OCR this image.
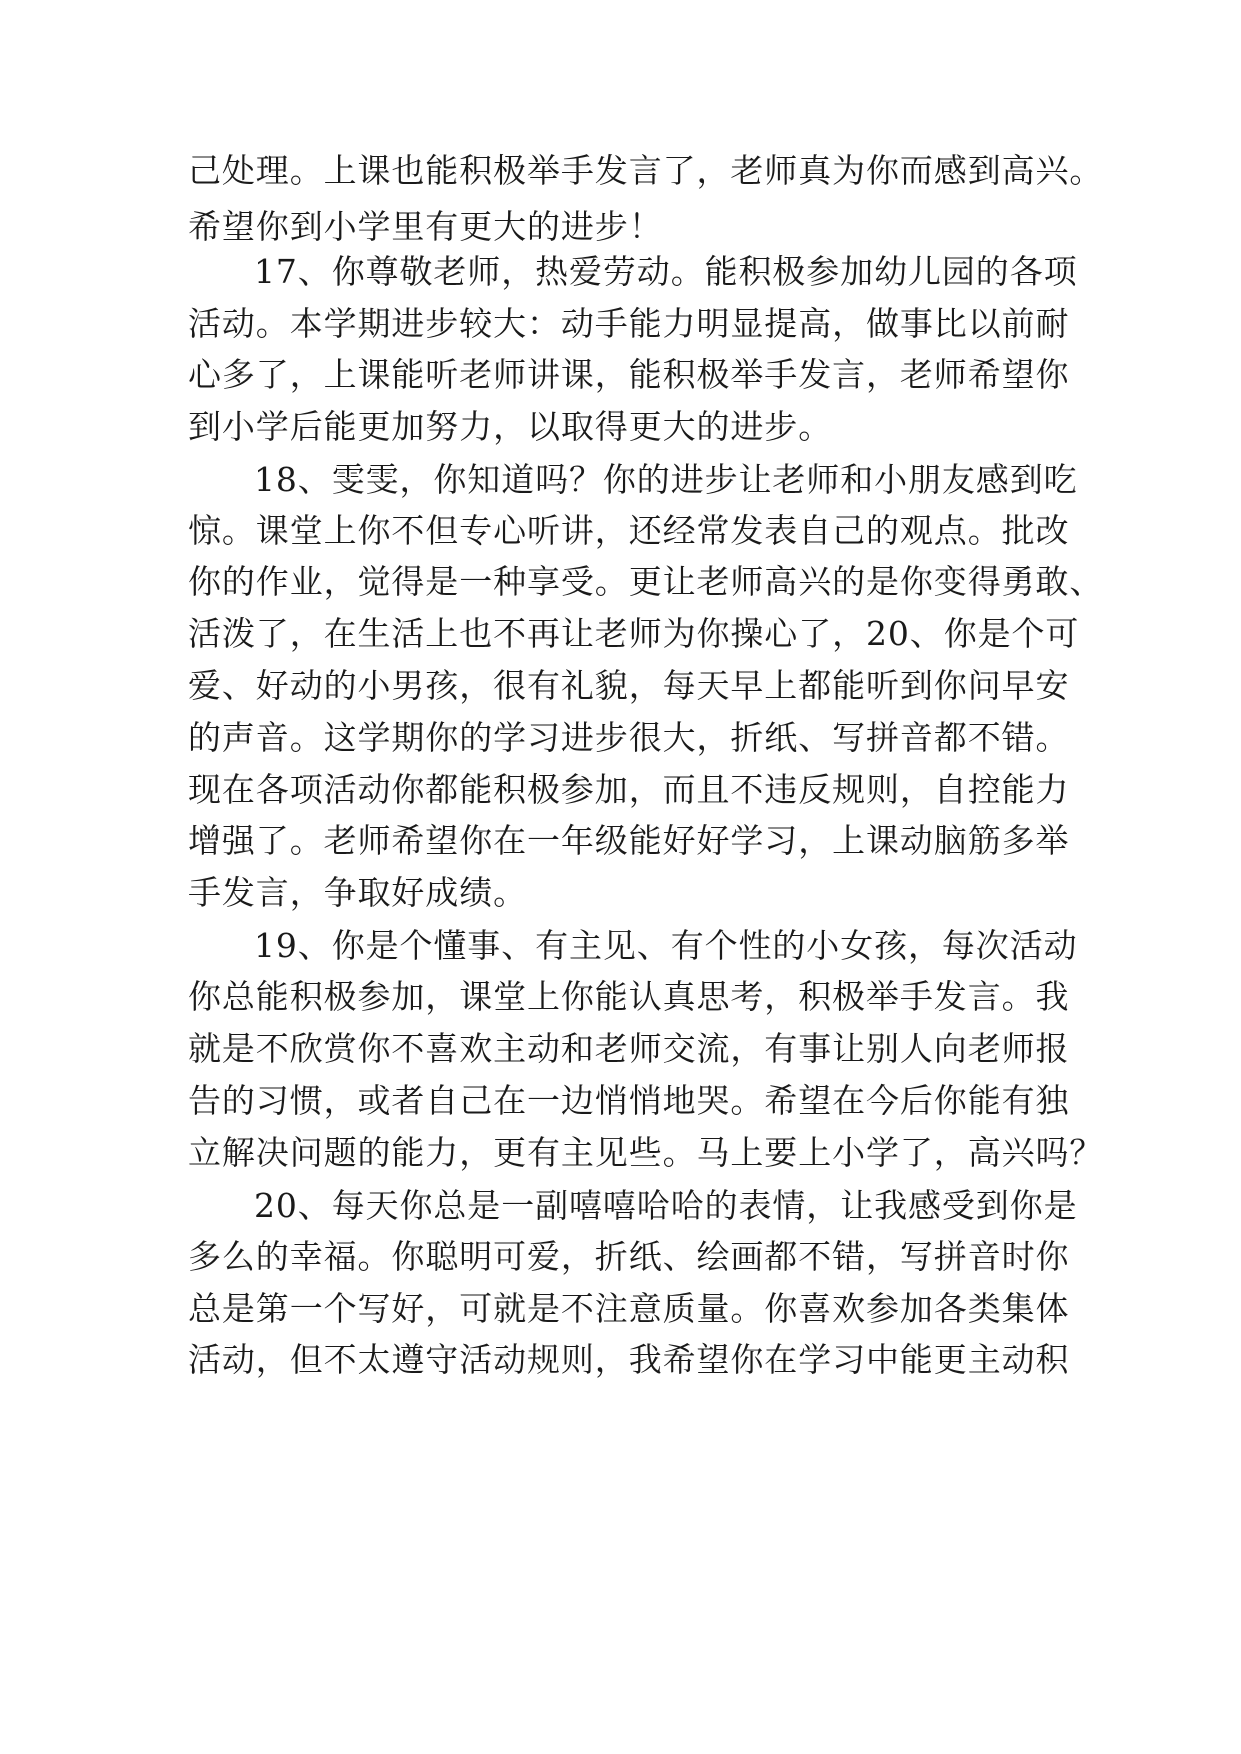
己处理。上课也能积极举手发言了，老师真为你而感到高兴。

希望你到小学里有更大的进步！

17、你尊敬老师，热爱劳动。能积极参加幼儿园的各项

活动。本学期进步较大：动手能力明显提高，做事比以前耐

心多了，上课能听老师讲课，能积极举手发言，老师希望你

到小学后能更加努力，以取得更大的进步。

18、雯雯，你知道吗？你的进步让老师和小朋友感到吃

惊。课堂上你不但专心听讲，还经常发表自己的观点。批改

你的作业，觉得是一种享受。更让老师高兴的是你变得勇敢、

活泼了，在生活上也不再让老师为你操心了，20、你是个可

爱、好动的小男孩，很有礼貌，每天早上都能听到你问早安

的声音。这学期你的学习进步很大，折纸、写拼音都不错。

现在各项活动你都能积极参加，而且不违反规则，自控能力

增强了。老师希望你在一年级能好好学习，上课动脑筋多举

手发言，争取好成绩。

19、你是个懂事、有主见、有个性的小女孩，每次活动

你总能积极参加，课堂上你能认真思考，积极举手发言。我

就是不欣赏你不喜欢主动和老师交流，有事让别人向老师报

告的习惯，或者自己在一边悄悄地哭。希望在今后你能有独

立解决问题的能力，更有主见些。马上要上小学了，高兴吗？

20、每天你总是一副嘻嘻哈哈的表情，让我感受到你是

多么的幸福。你聪明可爱，折纸、绘画都不错，写拼音时你

总是第一个写好，可就是不注意质量。你喜欢参加各类集体

活动，但不太遵守活动规则，我希望你在学习中能更主动积
